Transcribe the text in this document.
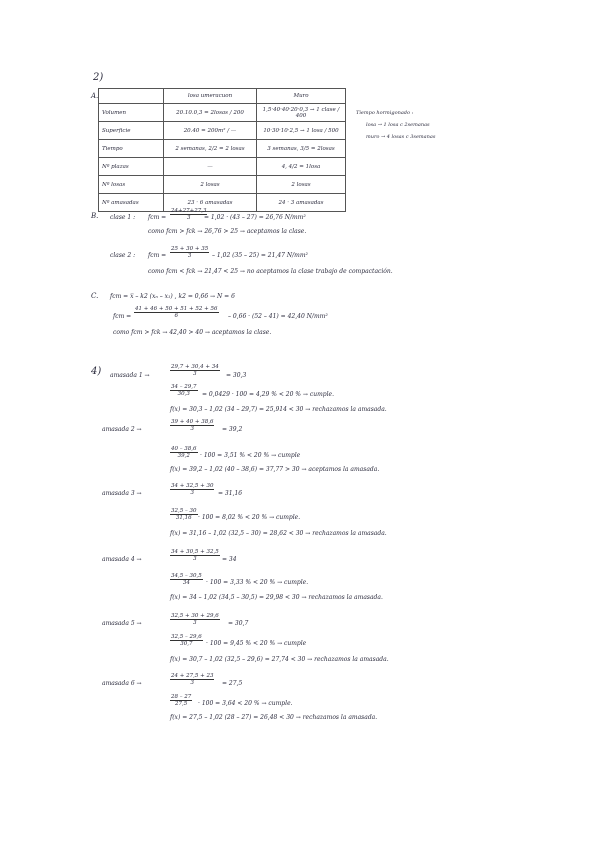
2)
A.
		losa umeracuon	Muro
Volumen	20.10.0,3 = 2losas / 200	1,5·40·40·20·0,3 → 1 clase / 400
Superficie	20.40 = 200m² / —	10·30·10·2,5 → 1 losa / 500
Tiempo	2 semanas, 2/2 = 2 losas	3 semanas, 3/5 = 2losas
Nº plazas	—	4, 4/2 = 1losa
Nº losas	2 losas	2 losas
Nº amasadas	23 · 6 amasadas	24 · 3 amasadas
Tiempo hormigonado :
losa → 1 losa c 2semanas
muro → 4 losas c 3semanas
B. clase 1 : fcm = $\frac{24+27+27,3}{3}$
= 1,02 · (43 – 27) = 26,76 N/mm²
como fcm > fck → 26,76 > 25 → aceptamos la clase.
clase 2 : fcm = $\frac{25 + 30 + 35}{3} - 1,02$ (35 – 25) = 21,47 N/mm²
como fcm < fck → 21,47 < 25 → no aceptamos la clase trabajo de compactación.
C. fcm = x̅ – k2 (xₙ – x₁) , k2 = 0,66 → N = 6
fcm = $\frac{41 + 46 + 50 + 51 + 52 + 56}{6} - 0,66 \cdot (52 - 41) = 42,40$ N/mm²
como fcm > fck → 42,40 > 40 → aceptamos la clase.
4) amasada 1 →	$\frac{29,7 + 30,4 + 34}{3} = 30,3$
$\frac{34 - 29,7}{30,3} = 0,0429 \cdot 100 = 4,29$ % < 20 % → cumple.
f(x) = 30,3 – 1,02 (34 – 29,7) = 25,914 < 30 → rechazamos la amasada.
amasada 2 →	$\frac{39 + 40 + 38,6}{3} = 39,2$
$\frac{40 - 38,6}{39,2} \cdot 100 = 3,51$ % < 20 % → cumple
f(x) = 39,2 – 1,02 (40 – 38,6) = 37,77 > 30 → aceptamos la amasada.
amasada 3 →	$\frac{34 + 32,5 + 30}{3} = 31,16$
$\frac{32,5 - 30}{31,16} \cdot 100 = 8,02$ % < 20 % → cumple.
f(x) = 31,16 – 1,02 (32,5 – 30) = 28,62 < 30 → rechazamos la amasada.
amasada 4 →	$\frac{34 + 30,5 + 32,5}{3} = 34$
$\frac{34,5 - 30,5}{34} \cdot 100 = 3,33$ % < 20 % → cumple.
f(x) = 34 – 1,02 (34,5 – 30,5) = 29,98 < 30 → rechazamos la amasada.
amasada 5 →	$\frac{32,5 + 30 + 29,6}{3} = 30,7$
$\frac{32,5 - 29,6}{30,7} \cdot 100 = 9,45$ % < 20 % → cumple
f(x) = 30,7 – 1,02 (32,5 – 29,6) = 27,74 < 30 → rechazamos la amasada.
amasada 6 →	$\frac{24 + 27,5 + 23}{3} = 27,5$
$\frac{28 - 27}{27,5} \cdot 100 = 3,64 < 20$ % → cumple.
f(x) = 27,5 – 1,02 (28 – 27) = 26,48 < 30 → rechazamos la amasada.
